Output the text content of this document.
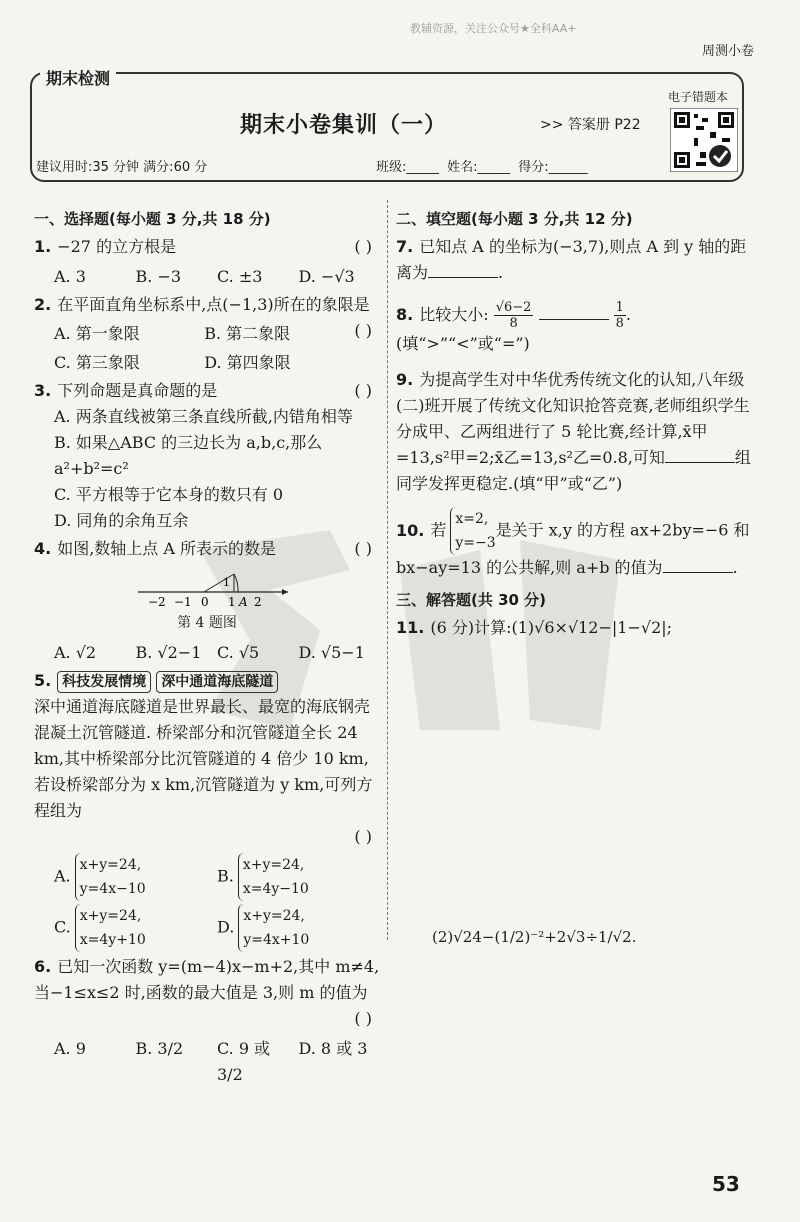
教辅资源，关注公众号★全科AA+
周测小卷
期末检测
期末小卷集训（一）	>> 答案册 P22
电子错题本
建议用时:35 分钟 满分:60 分	班级:_____  姓名:_____  得分:______
一、选择题(每小题 3 分,共 18 分)
1. −27 的立方根是	( )
A. 3	B. −3	C. ±3	D. −√3
2. 在平面直角坐标系中,点(−1,3)所在的象限是
( )
A. 第一象限	B. 第二象限
C. 第三象限	D. 第四象限
3. 下列命题是真命题的是	( )
A. 两条直线被第三条直线所截,内错角相等
B. 如果△ABC 的三边长为 a,b,c,那么 a²+b²=c²
C. 平方根等于它本身的数只有 0
D. 同角的余角互余
4. 如图,数轴上点 A 所表示的数是	( )
−2 −1 0 1 A 2
1
第 4 题图
A. √2	B. √2−1 C. √5	D. √5−1
5. 科技发展情境 深中通道海底隧道
深中通道海底隧道是世界最长、最宽的海底钢壳混凝土沉管隧道. 桥梁部分和沉管隧道全长 24 km,其中桥梁部分比沉管隧道的 4 倍少 10 km,若设桥梁部分为 x km,沉管隧道为 y km,可列方程组为
( )
A.
x+y=24,
y=4x−10
B.
x+y=24,
x=4y−10
C.
x+y=24,
x=4y+10
D.
x+y=24,
y=4x+10
6. 已知一次函数 y=(m−4)x−m+2,其中 m≠4,当−1≤x≤2 时,函数的最大值是 3,则 m 的值为
( )
A. 9	B. 3/2	C. 9 或 3/2
D. 8 或 3
二、填空题(每小题 3 分,共 12 分)
7. 已知点 A 的坐标为(−3,7),则点 A 到 y 轴的距离为	.
8. 比较大小: $\frac{√6-2}{8}$
	$\frac{1}{8}$ .(填“>”“<”或“=”)
9. 为提高学生对中华优秀传统文化的认知,八年级(二)班开展了传统文化知识抢答竞赛,老师组织学生分成甲、乙两组进行了 5 轮比赛,经计算,x̄甲=13,s²甲=2;x̄乙=13,s²乙=0.8,可知	组同学发挥更稳定.(填“甲”或“乙”)
10. 若
x=2,
y=−3
是关于 x,y 的方程 ax+2by=−6 和 bx−ay=13 的公共解,则 a+b 的值为	.
三、解答题(共 30 分)
11. (6 分)计算:(1)√6×√12−|1−√2|;
(2)√24−(1/2)⁻²+2√3÷1/√2.
53
